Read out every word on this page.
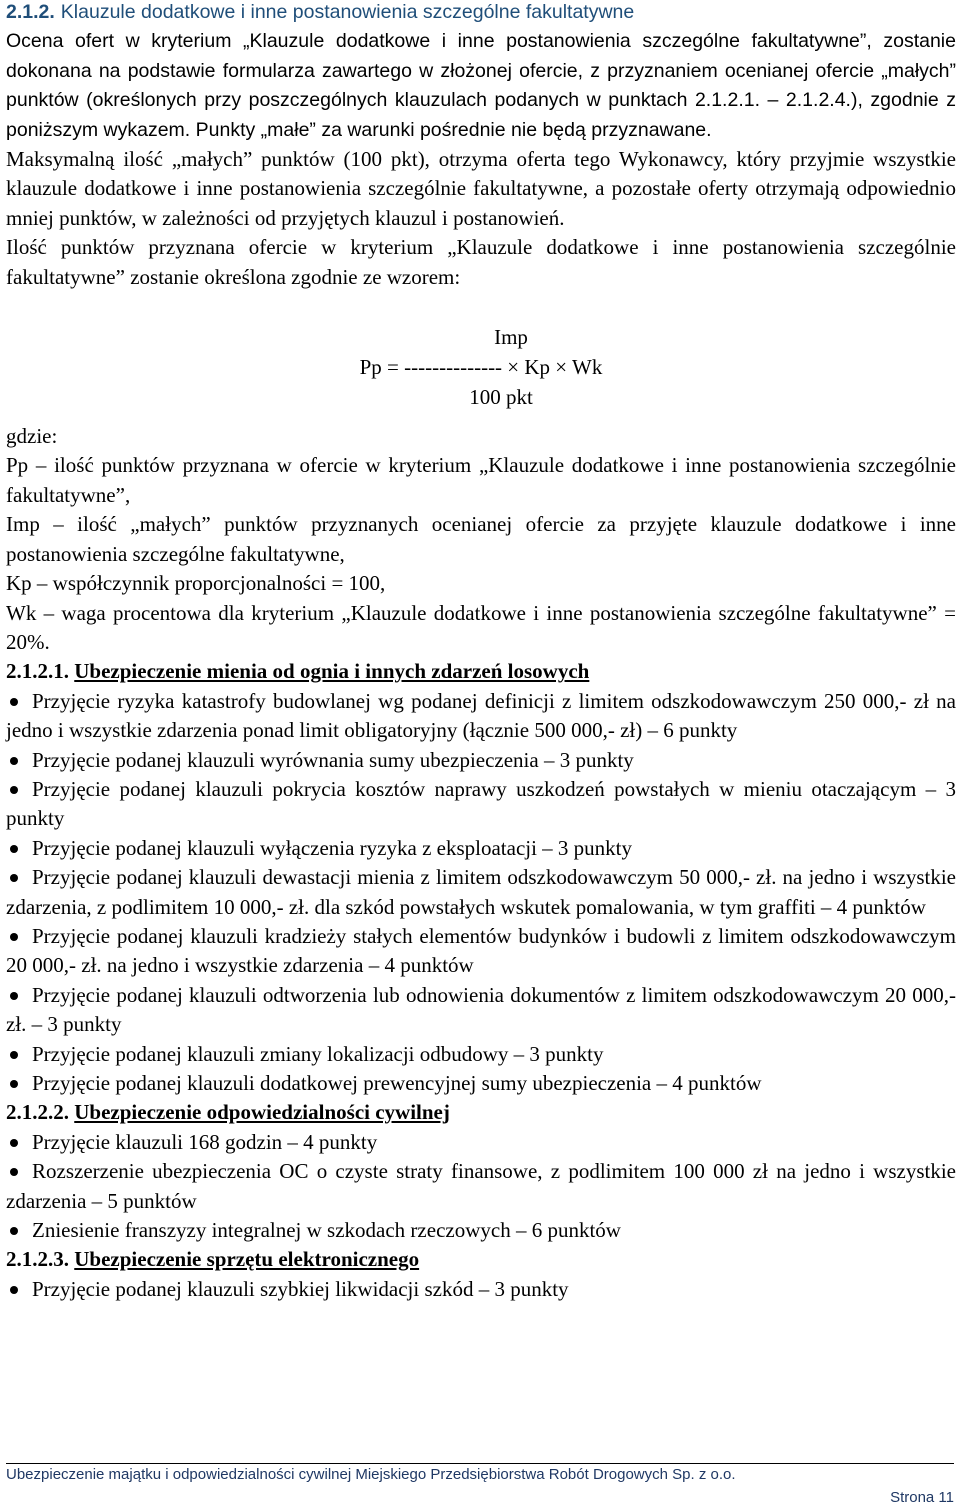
2.1.2. Klauzule dodatkowe i inne postanowienia szczególne fakultatywne

Ocena ofert w kryterium „Klauzule dodatkowe i inne postanowienia szczególne fakultatywne”, zostanie dokonana na podstawie formularza zawartego w złożonej ofercie, z przyznaniem ocenianej ofercie „małych” punktów (określonych przy poszczególnych klauzulach podanych w punktach 2.1.2.1. – 2.1.2.4.), zgodnie z poniższym wykazem. Punkty „małe” za warunki pośrednie nie będą przyznawane.

Maksymalną ilość „małych” punktów (100 pkt), otrzyma oferta tego Wykonawcy, który przyjmie wszystkie klauzule dodatkowe i inne postanowienia szczególnie fakultatywne, a pozostałe oferty otrzymają odpowiednio mniej punktów, w zależności od przyjętych klauzul i postanowień.

Ilość punktów przyznana ofercie w kryterium „Klauzule dodatkowe i inne postanowienia szczególnie fakultatywne” zostanie określona zgodnie ze wzorem:

Imp
Pp = -------------- × Kp × Wk
100 pkt

gdzie:

Pp – ilość punktów przyznana w ofercie w kryterium „Klauzule dodatkowe i inne postanowienia szczególnie fakultatywne”,

Imp – ilość „małych” punktów przyznanych ocenianej ofercie za przyjęte klauzule dodatkowe i inne postanowienia szczególne fakultatywne,

Kp – współczynnik proporcjonalności = 100,

Wk – waga procentowa dla kryterium „Klauzule dodatkowe i inne postanowienia szczególne fakultatywne” = 20%.

2.1.2.1. Ubezpieczenie mienia od ognia i innych zdarzeń losowych

Przyjęcie ryzyka katastrofy budowlanej wg podanej definicji z limitem odszkodowawczym 250 000,- zł na jedno i wszystkie zdarzenia ponad limit obligatoryjny (łącznie 500 000,- zł) – 6 punkty
Przyjęcie podanej klauzuli wyrównania sumy ubezpieczenia – 3 punkty
Przyjęcie podanej klauzuli pokrycia kosztów naprawy uszkodzeń powstałych w mieniu otaczającym – 3 punkty
Przyjęcie podanej klauzuli wyłączenia ryzyka z eksploatacji – 3 punkty
Przyjęcie podanej klauzuli dewastacji mienia z limitem odszkodowawczym 50 000,- zł. na jedno i wszystkie zdarzenia, z podlimitem 10 000,- zł. dla szkód powstałych wskutek pomalowania, w tym graffiti – 4 punktów
Przyjęcie podanej klauzuli kradzieży stałych elementów budynków i budowli z limitem odszkodowawczym 20 000,- zł. na jedno i wszystkie zdarzenia – 4 punktów
Przyjęcie podanej klauzuli odtworzenia lub odnowienia dokumentów z limitem odszkodowawczym 20 000,-zł. – 3 punkty
Przyjęcie podanej klauzuli zmiany lokalizacji odbudowy – 3 punkty
Przyjęcie podanej klauzuli dodatkowej prewencyjnej sumy ubezpieczenia – 4 punktów

2.1.2.2. Ubezpieczenie odpowiedzialności cywilnej

Przyjęcie klauzuli 168 godzin – 4 punkty
Rozszerzenie ubezpieczenia OC o czyste straty finansowe, z podlimitem 100 000 zł na jedno i wszystkie zdarzenia – 5 punktów
Zniesienie franszyzy integralnej w szkodach rzeczowych – 6 punktów

2.1.2.3. Ubezpieczenie sprzętu elektronicznego

Przyjęcie podanej klauzuli szybkiej likwidacji szkód – 3 punkty
Ubezpieczenie majątku i odpowiedzialności cywilnej Miejskiego Przedsiębiorstwa Robót Drogowych Sp. z o.o.
Strona 11
